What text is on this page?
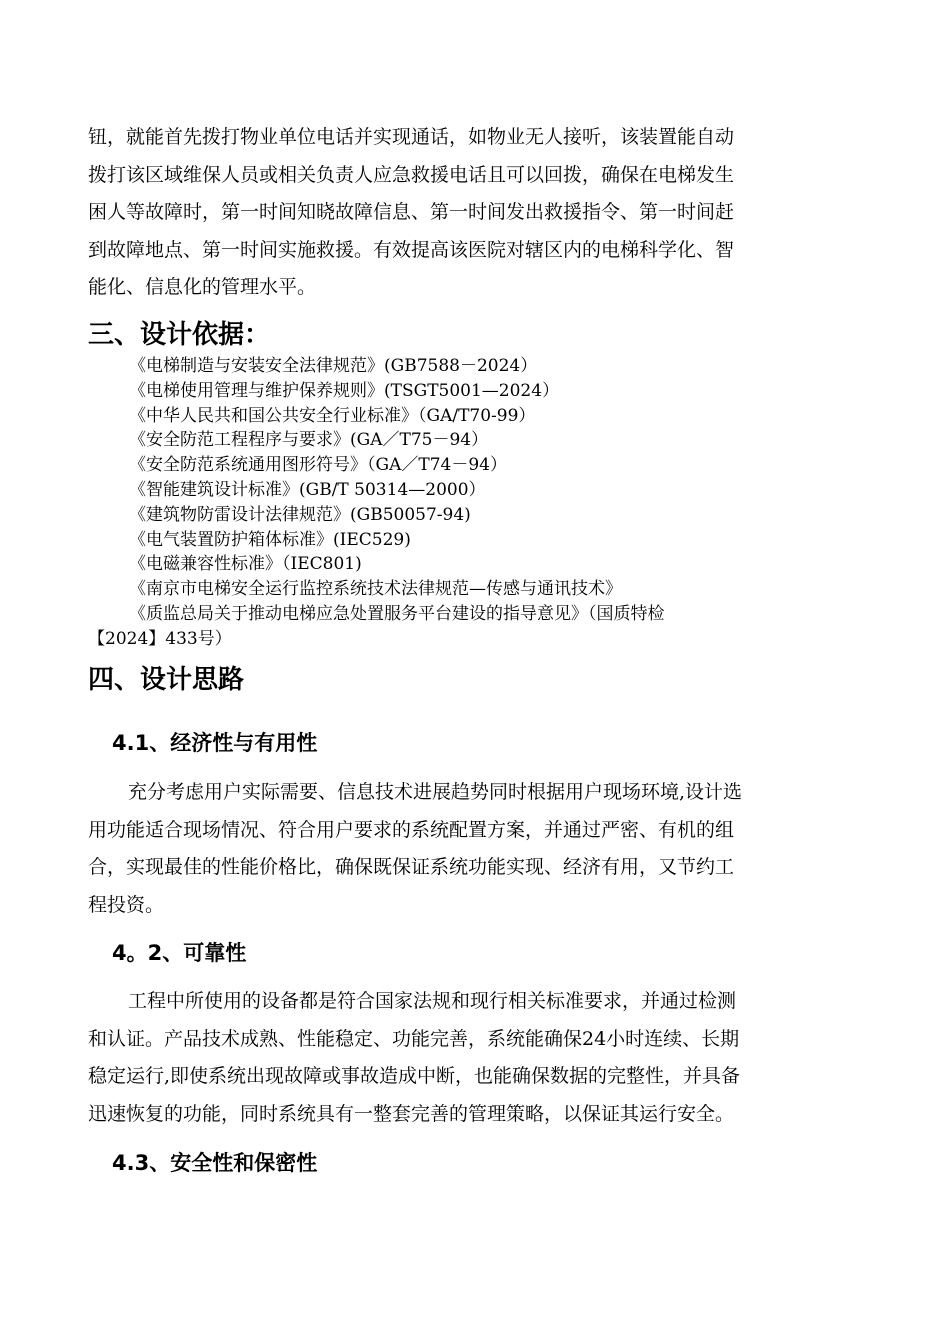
钮，就能首先拨打物业单位电话并实现通话，如物业无人接听，该装置能自动
拨打该区域维保人员或相关负责人应急救援电话且可以回拨，确保在电梯发生
困人等故障时，第一时间知晓故障信息、第一时间发出救援指令、第一时间赶
到故障地点、第一时间实施救援。有效提高该医院对辖区内的电梯科学化、智
能化、信息化的管理水平。
三、设计依据：
《电梯制造与安装安全法律规范》(GB7588－2024）
《电梯使用管理与维护保养规则》(TSGT5001—2024）
《中华人民共和国公共安全行业标准》（GA/T70-99）
《安全防范工程程序与要求》(GA／T75－94）
《安全防范系统通用图形符号》（GA／T74－94）
《智能建筑设计标准》(GB/T 50314—2000）
《建筑物防雷设计法律规范》(GB50057-94)
《电气装置防护箱体标准》(IEC529)
《电磁兼容性标准》（IEC801)
《南京市电梯安全运行监控系统技术法律规范—传感与通讯技术》
《质监总局关于推动电梯应急处置服务平台建设的指导意见》（国质特检
【2024】433号）
四、设计思路
4.1、经济性与有用性
充分考虑用户实际需要、信息技术进展趋势同时根据用户现场环境,设计选
用功能适合现场情况、符合用户要求的系统配置方案，并通过严密、有机的组
合，实现最佳的性能价格比，确保既保证系统功能实现、经济有用，又节约工
程投资。
4。2、可靠性
工程中所使用的设备都是符合国家法规和现行相关标准要求，并通过检测
和认证。产品技术成熟、性能稳定、功能完善，系统能确保24小时连续、长期
稳定运行,即使系统出现故障或事故造成中断，也能确保数据的完整性，并具备
迅速恢复的功能，同时系统具有一整套完善的管理策略，以保证其运行安全。
4.3、安全性和保密性
